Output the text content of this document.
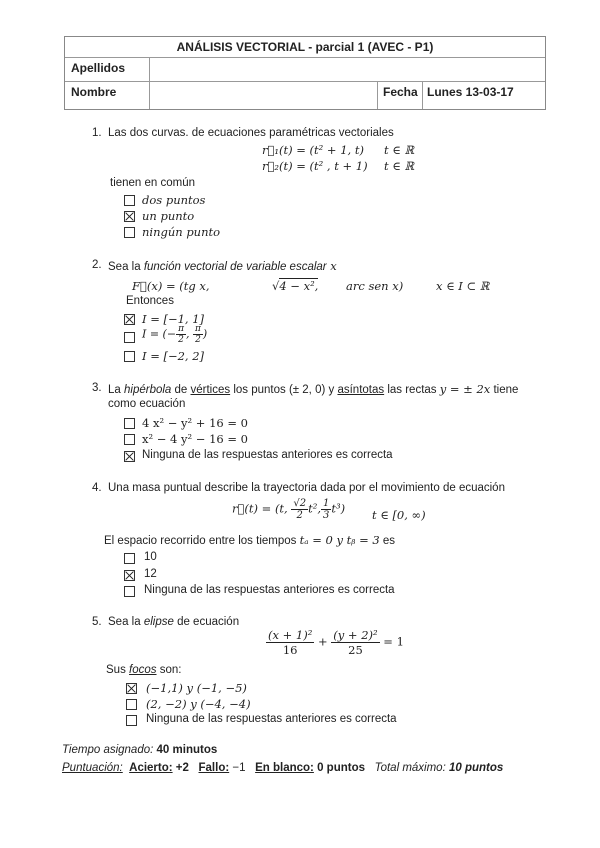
ANÁLISIS VECTORIAL - parcial 1 (AVEC - P1)
Apellidos
Nombre	Fecha Lunes 13-03-17
1. Las dos curvas. de ecuaciones paramétricas vectoriales
r⃗₁(t) = (t² + 1, t) t ∈ ℝ
r⃗₂(t) = (t² , t + 1) t ∈ ℝ
tienen en común
dos puntos
un punto
ningún punto
2. Sea la función vectorial de variable escalar x
F⃗(x) = (tg x,	√4 − x², arc sen x)	x ∈ I ⊂ ℝ
Entonces
I = [−1, 1]
I = (− $\frac{\pi}{2}$ , $\frac{\pi}{2}$ )
I = [−2, 2]
3. La hipérbola de vértices los puntos (± 2, 0) y asíntotas las rectas y = ± 2x tiene
como ecuación
4 x² − y² + 16 = 0
x² − 4 y² − 16 = 0
Ninguna de las respuestas anteriores es correcta
4. Una masa puntual describe la trayectoria dada por el movimiento de ecuación
r⃗(t) = (t, $\frac{√2}{2} t^2$, $\frac{1}{3} t^3$) t ∈ [0, ∞)
El espacio recorrido entre los tiempos tₐ = 0 y tᵦ = 3 es
10
12
Ninguna de las respuestas anteriores es correcta
5. Sea la elipse de ecuación
$\frac{\text{(x + 1)²}}{16} + \frac{\text{(y + 2)²}}{25} = 1$
Sus focos son:
(−1,1) y (−1, −5)
(2, −2) y (−4, −4)
Ninguna de las respuestas anteriores es correcta
Tiempo asignado: 40 minutos
Puntuación: Acierto: +2 Fallo: −1 En blanco: 0 puntos Total máximo: 10 puntos
